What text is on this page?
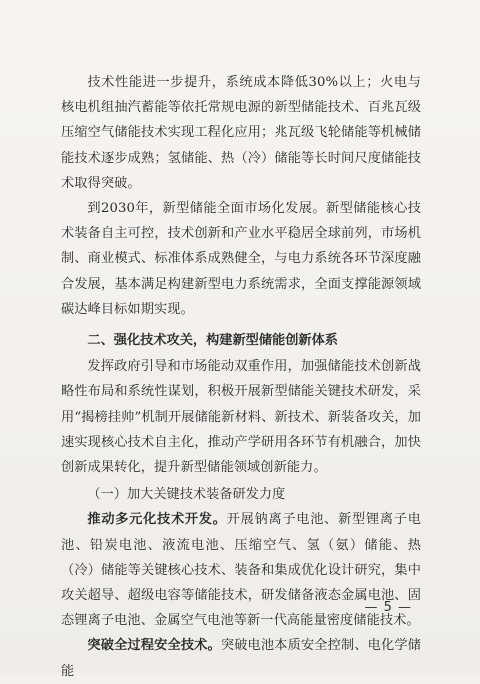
技术性能进一步提升，系统成本降低30%以上；火电与核电机组抽汽蓄能等依托常规电源的新型储能技术、百兆瓦级压缩空气储能技术实现工程化应用；兆瓦级飞轮储能等机械储能技术逐步成熟；氢储能、热（冷）储能等长时间尺度储能技术取得突破。

到2030年，新型储能全面市场化发展。新型储能核心技术装备自主可控，技术创新和产业水平稳居全球前列，市场机制、商业模式、标准体系成熟健全，与电力系统各环节深度融合发展，基本满足构建新型电力系统需求，全面支撑能源领域碳达峰目标如期实现。

二、强化技术攻关，构建新型储能创新体系

发挥政府引导和市场能动双重作用，加强储能技术创新战略性布局和系统性谋划，积极开展新型储能关键技术研发，采用“揭榜挂帅”机制开展储能新材料、新技术、新装备攻关，加速实现核心技术自主化，推动产学研用各环节有机融合，加快创新成果转化，提升新型储能领域创新能力。

（一）加大关键技术装备研发力度

推动多元化技术开发。开展钠离子电池、新型锂离子电池、铅炭电池、液流电池、压缩空气、氢（氨）储能、热（冷）储能等关键核心技术、装备和集成优化设计研究，集中攻关超导、超级电容等储能技术，研发储备液态金属电池、固态锂离子电池、金属空气电池等新一代高能量密度储能技术。

突破全过程安全技术。突破电池本质安全控制、电化学储能

— 5 —
